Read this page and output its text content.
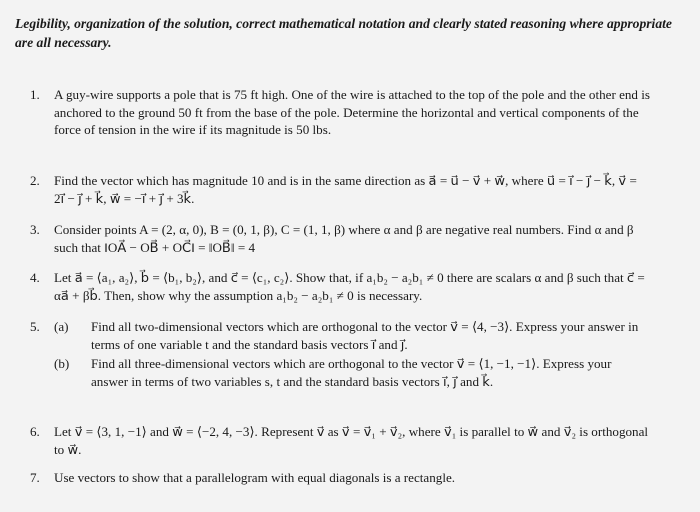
Legibility, organization of the solution, correct mathematical notation and clearly stated reasoning where appropriate are all necessary.
1.	A guy-wire supports a pole that is 75 ft high. One of the wire is attached to the top of the pole and the other end is anchored to the ground 50 ft from the base of the pole. Determine the horizontal and vertical components of the force of tension in the wire if its magnitude is 50 lbs.
2.	Find the vector which has magnitude 10 and is in the same direction as a⃗ = u⃗ − v⃗ + w⃗, where u⃗ = i⃗ − j⃗ − k⃗, v⃗ = 2i⃗ − j⃗ + k⃗, w⃗ = −i⃗ + j⃗ + 3k⃗.
3.	Consider points A = (2, α, 0), B = (0, 1, β), C = (1, 1, β) where α and β are negative real numbers. Find α and β such that ‖OA⃗ − OB⃗ + OC⃗‖ = ‖OB⃗‖ = 4
4.	Let a⃗ = ⟨a₁, a₂⟩, b⃗ = ⟨b₁, b₂⟩, and c⃗ = ⟨c₁, c₂⟩. Show that, if a₁b₂ − a₂b₁ ≠ 0 there are scalars α and β such that c⃗ = αa⃗ + βb⃗. Then, show why the assumption a₁b₂ − a₂b₁ ≠ 0 is necessary.
5.	(a) Find all two-dimensional vectors which are orthogonal to the vector v⃗ = ⟨4, −3⟩. Express your answer in terms of one variable t and the standard basis vectors i⃗ and j⃗.
(b) Find all three-dimensional vectors which are orthogonal to the vector v⃗ = ⟨1, −1, −1⟩. Express your answer in terms of two variables s, t and the standard basis vectors i⃗, j⃗ and k⃗.
6.	Let v⃗ = ⟨3, 1, −1⟩ and w⃗ = ⟨−2, 4, −3⟩. Represent v⃗ as v⃗ = v⃗₁ + v⃗₂, where v⃗₁ is parallel to w⃗ and v⃗₂ is orthogonal to w⃗.
7.	Use vectors to show that a parallelogram with equal diagonals is a rectangle.
